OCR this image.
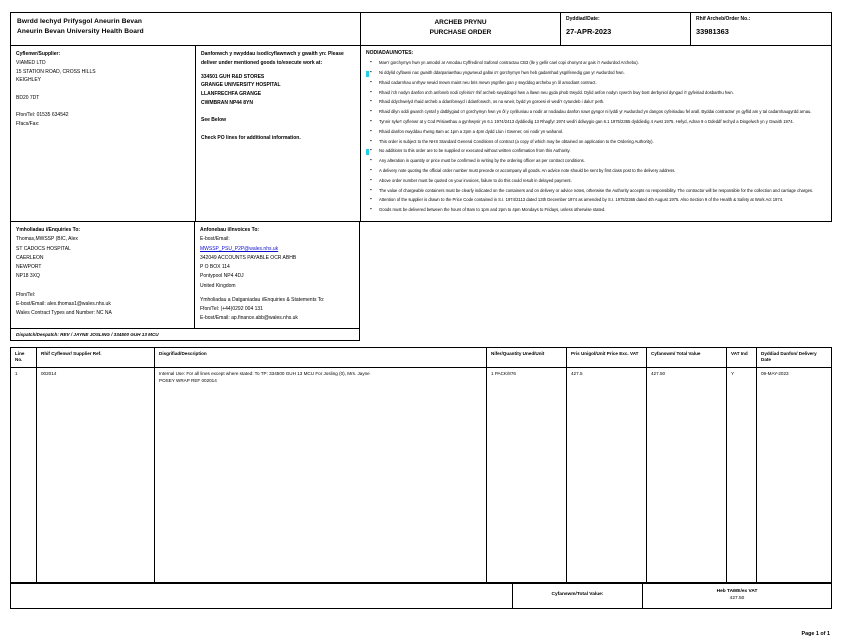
Bwrdd Iechyd Prifysgol Aneurin Bevan
Aneurin Bevan University Health Board
ARCHEB PRYNU
PURCHASE ORDER
Dyddiad/Date:
27-APR-2023
Rhif Archeb/Order No.:
33981363
Cyflenwr/Supplier:
VIAMED LTD
15 STATION ROAD, CROSS HILLS
KEIGHLEY

BD20 7DT

Ffon/Tel: 01535 634542
Ffacs/Fax:
Danfonwch y nwyddau isod/cyflawnwch y gwaith yn: Please deliver under mentioned goods to/execute work at:
334501 GUH R&D STORES
GRANGE UNIVERSITY HOSPITAL
LLANFRECHFA GRANGE
CWMBRAN NP44 8YN

See Below

Check PO lines for additional information.
NODIADAU/NOTES:
▪ Mae'r gorchymyn hwn yn amodol ar Amodau Cyffredinol Safonol contractau CB3 (lle y gellir cael copi ohonynt ar gais i'r Awdurdod Archebu).
▪ Ni ddylid cyflawni nac gwaith ddarpariaethau yngwneud gallai o'r gorchymyn hwn heb gadarnhad ysgrifenedig gan yr Awdurdod hwn.
▪ Rhaid cadarnhau unrhyw newid mewn maint neu bris mewn ysgrifen gan y swyddog archebu yn ôl amodiant contract.
▪ Rhaid i'ch nodyn danfon a'ch anfoneb nodi cyfeirio'r rhif archeb swyddogol hwn a llawn neu gyda phob trwydd. Dylid anfon nodyn cywrch bwy bost derbyniol dyngad i'r gyfeiriad dosbarthu hwn.
▪ Rhaid ddychwelyd rhaid archeb a ddanfonwyd i ddanfonwch, os na wneir, bydd yn goroesi el wedi'r cytundeb i dalu'r peth.
▪ Rhaid dilyn oddi gwarch cyntaf y datblygiad o'r gorchymyn hwn yn ôl y cynlluniau a nodir ar nodiadau danfon nawr gyngor ni lyddi yr Awdurdod yn dangos cyfeiriadau fel arall. Byddai contractwr yn gyflid am y tal cadarnhaugyrdd arnau.
▪ Tynnir sylw'r cyflenwr at y Cod Prisiaethau a gynhwysir yn 6.1 1974/2413 dyddiedig 13 Rhagfyr 1974 wedi'i ddiwygio gan 6.1 1975/2365 dyddiedig 4 Awst 1975. Hefyd, Adran 9 o Ddeddf Iechyd a Diogelwch yn y Gwaith 1974.
▪ Rhaid danfon nwyddau rhwng 8am ac 1pm a 2pm a 4pm dydd Llun i Gwener, oni nodir yn wahanol.
▪ This order is subject to the NHS Standard General Conditions of contract (a copy of which may be obtained on application to the Ordering Authority).
▪ No additions to this order are to be supplied or executed without written confirmation from this Authority.
▪ Any alteration in quantity or price must be confirmed in writing by the ordering officer as per contract conditions.
▪ A delivery note quoting the official order number must precede or accompany all goods. An advice note should be sent by first class post to the delivery address.
▪ Above order number must be quoted on your invoices, failure to do this could result in delayed payment.
▪ The value of chargeable containers must be clearly indicated on the containers and on delivery or advice notes, otherwise the Authority accepts no responsibility. The contractor will be responsible for the collection and carriage charges.
▪ Attention of the supplier is drawn to the Price Code contained in S.I. 1974/2113 dated 13th December 1974 as amended by S.I. 1975/2365 dated 4th August 1975. Also Section 9 of the Health & Safety at Work Act 1974.
▪ Goods must be delivered between the hours of 8am to 1pm and 2pm to 4pm Mondays to Fridays, unless otherwise stated.
Ymholiadau i/Enquiries To:
Thomas,MWSSP (BIC, Alex
ST CADOCS HOSPITAL
CAERLEON
NEWPORT
NP18 3XQ

Ffon/Tel:
E-bost/Email: alex.thomas1@wales.nhs.uk
Wales Contract Types and Number: NC NA
Anfonebau i/Invoices To:
E-bost/Email:
MWSSP_PSU_P2P@wales.nhs.uk
342049 ACCOUNTS PAYABLE OCR ABHB
P O BOX 114
Pontypool NP4 4DJ
United Kingdom
Ymholiadau a Datganiadau i/Enquiries & Statements To:
Ffon/Tel: (+44)0292 004 131
E-bost/Email: ap.finance.abb@wales.nhs.uk
Dispatch/Despatch: REV / JAYNE JOSLING / 334500 GUH 13 MCU
Line No.	Rhif Cyflenwr/ Supplier Ref.	Disgrifiad/Description	Nifer/Quantity Uned/Unit	Pris Unigol/Unit Price Exc. VAT	Cyfanswm/ Total Value	VAT Ind	Dyddiad Danfon/ Delivery Date
1	002014	Internal Use: For all lines except where stated: To TP: 334500 GUH 13 MCU For Josling (0), Mrs. Jayne
POSEY WRAP REF 002014	1 PACK/876	427.5	427.50	Y	09-MAY-2023
Cyfanswm/Total Value:
Heb TAWE/ex VAT
427.50
Page 1 of 1
